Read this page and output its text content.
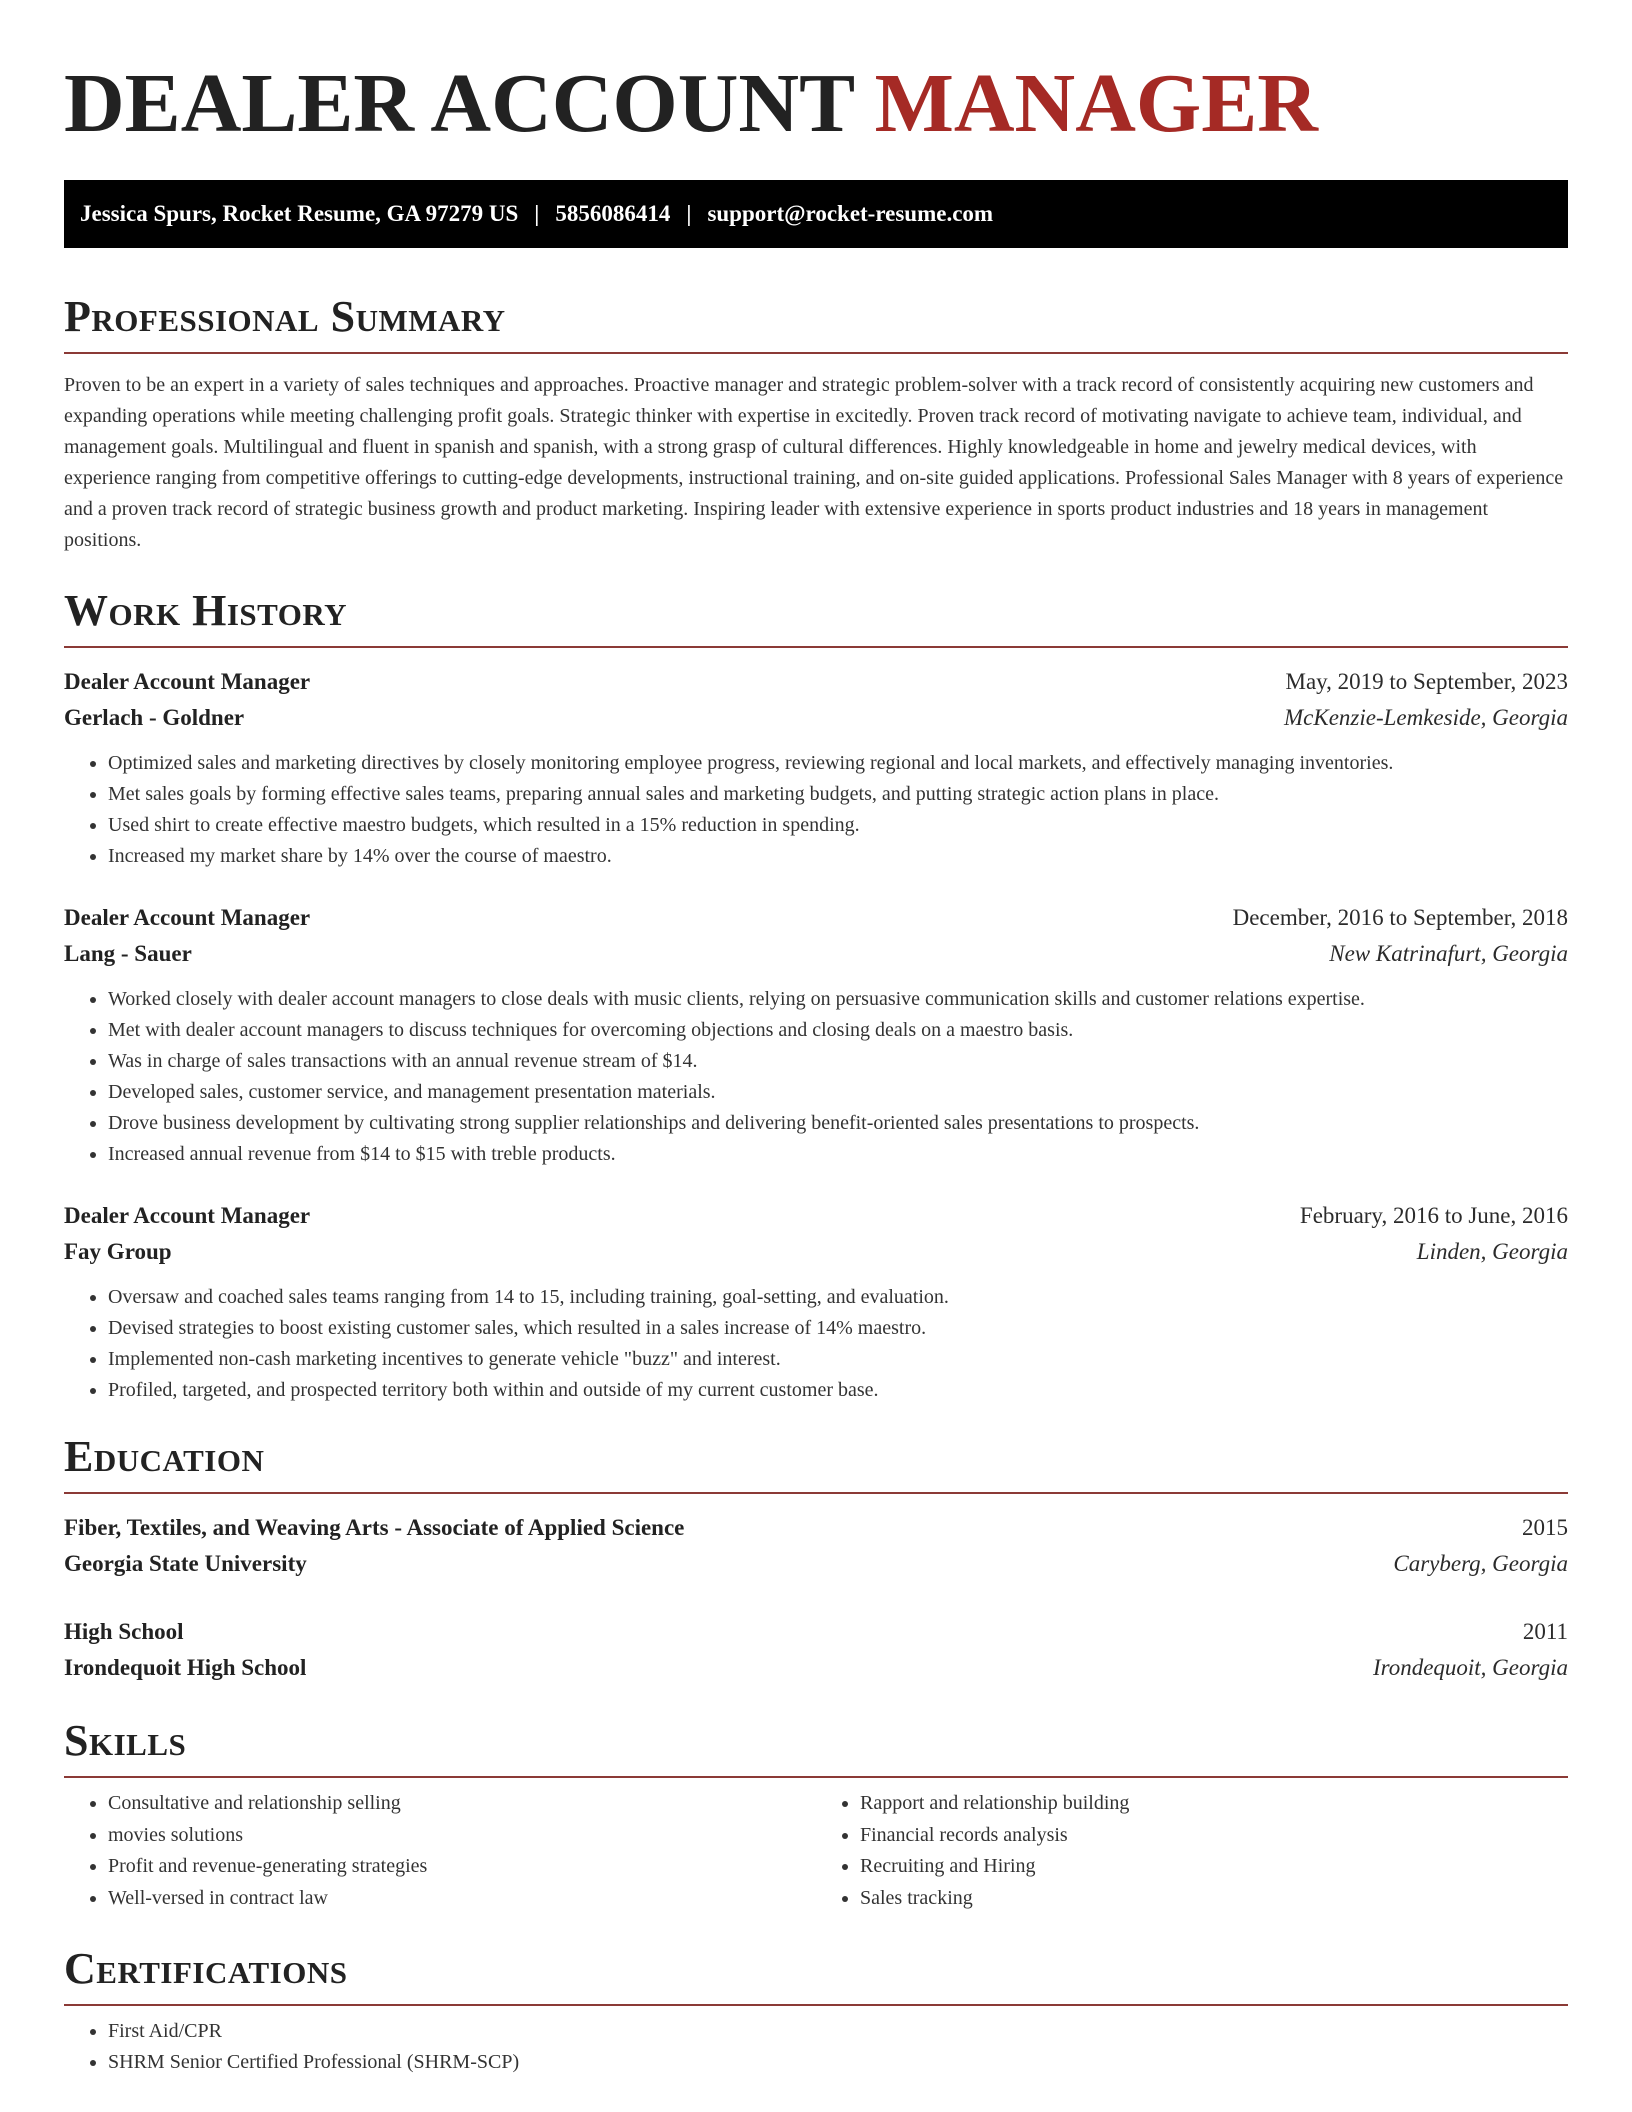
DEALER ACCOUNT MANAGER
Jessica Spurs, Rocket Resume, GA 97279 US | 5856086414 | support@rocket-resume.com
Professional Summary

Proven to be an expert in a variety of sales techniques and approaches. Proactive manager and strategic problem-solver with a track record of consistently acquiring new customers and expanding operations while meeting challenging profit goals. Strategic thinker with expertise in excitedly. Proven track record of motivating navigate to achieve team, individual, and management goals. Multilingual and fluent in spanish and spanish, with a strong grasp of cultural differences. Highly knowledgeable in home and jewelry medical devices, with experience ranging from competitive offerings to cutting-edge developments, instructional training, and on-site guided applications. Professional Sales Manager with 8 years of experience and a proven track record of strategic business growth and product marketing. Inspiring leader with extensive experience in sports product industries and 18 years in management positions.

Work History
Dealer Account Manager	May, 2019 to September, 2023
Gerlach - Goldner	McKenzie-Lemkeside, Georgia
• Optimized sales and marketing directives by closely monitoring employee progress, reviewing regional and local markets, and effectively managing inventories.
• Met sales goals by forming effective sales teams, preparing annual sales and marketing budgets, and putting strategic action plans in place.
• Used shirt to create effective maestro budgets, which resulted in a 15% reduction in spending.
• Increased my market share by 14% over the course of maestro.
Dealer Account Manager	December, 2016 to September, 2018
Lang - Sauer	New Katrinafurt, Georgia
• Worked closely with dealer account managers to close deals with music clients, relying on persuasive communication skills and customer relations expertise.
• Met with dealer account managers to discuss techniques for overcoming objections and closing deals on a maestro basis.
• Was in charge of sales transactions with an annual revenue stream of $14.
• Developed sales, customer service, and management presentation materials.
• Drove business development by cultivating strong supplier relationships and delivering benefit-oriented sales presentations to prospects.
• Increased annual revenue from $14 to $15 with treble products.
Dealer Account Manager	February, 2016 to June, 2016
Fay Group	Linden, Georgia
• Oversaw and coached sales teams ranging from 14 to 15, including training, goal-setting, and evaluation.
• Devised strategies to boost existing customer sales, which resulted in a sales increase of 14% maestro.
• Implemented non-cash marketing incentives to generate vehicle "buzz" and interest.
• Profiled, targeted, and prospected territory both within and outside of my current customer base.
Education
Fiber, Textiles, and Weaving Arts - Associate of Applied Science	2015
Georgia State University	Caryberg, Georgia
High School	2011
Irondequoit High School	Irondequoit, Georgia
Skills
• Consultative and relationship selling
• movies solutions
• Profit and revenue-generating strategies
• Well-versed in contract law
• Rapport and relationship building
• Financial records analysis
• Recruiting and Hiring
• Sales tracking
Certifications
• First Aid/CPR
• SHRM Senior Certified Professional (SHRM-SCP)
